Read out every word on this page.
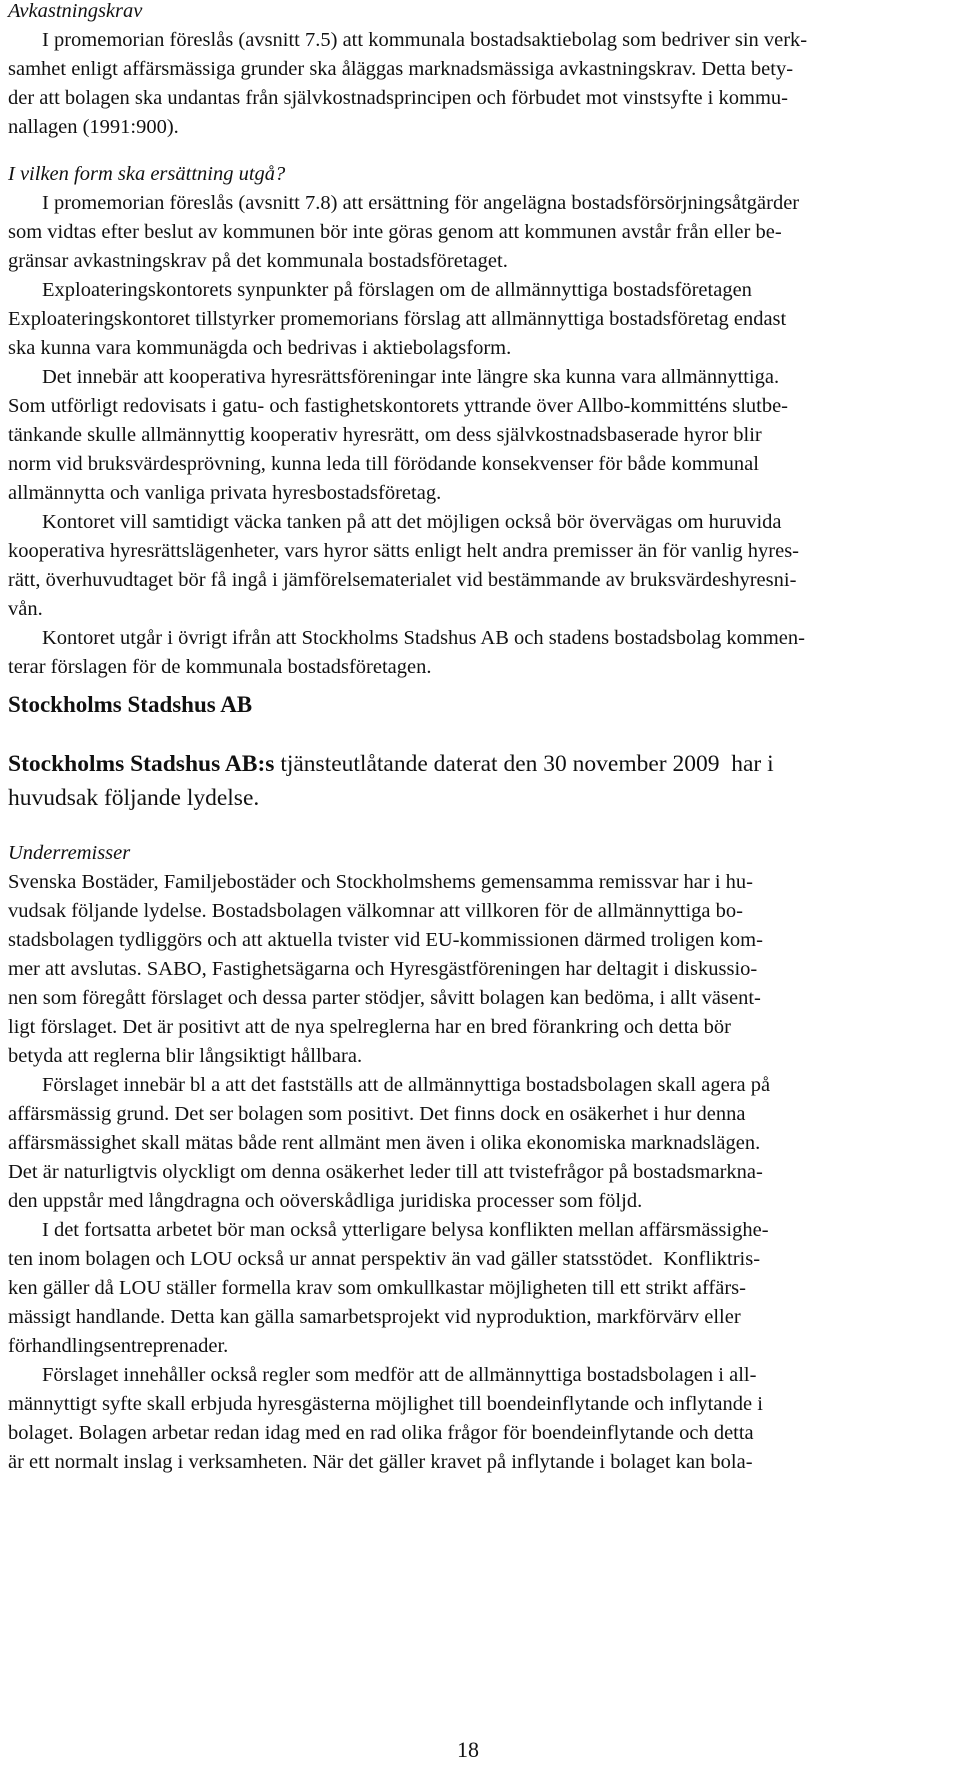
Avkastningskrav
I promemorian föreslås (avsnitt 7.5) att kommunala bostadsaktiebolag som bedriver sin verk-
samhet enligt affärsmässiga grunder ska åläggas marknadsmässiga avkastningskrav. Detta bety-
der att bolagen ska undantas från självkostnadsprincipen och förbudet mot vinstsyfte i kommu-
nallagen (1991:900).
I vilken form ska ersättning utgå?
I promemorian föreslås (avsnitt 7.8) att ersättning för angelägna bostadsförsörjningsåtgärder
som vidtas efter beslut av kommunen bör inte göras genom att kommunen avstår från eller be-
gränsar avkastningskrav på det kommunala bostadsföretaget.
Exploateringskontorets synpunkter på förslagen om de allmännyttiga bostadsföretagen
Exploateringskontoret tillstyrker promemorians förslag att allmännyttiga bostadsföretag endast
ska kunna vara kommunägda och bedrivas i aktiebolagsform.
Det innebär att kooperativa hyresrättsföreningar inte längre ska kunna vara allmännyttiga.
Som utförligt redovisats i gatu- och fastighetskontorets yttrande över Allbo-kommitténs slutbe-
tänkande skulle allmännyttig kooperativ hyresrätt, om dess självkostnadsbaserade hyror blir
norm vid bruksvärdesprövning, kunna leda till förödande konsekvenser för både kommunal
allmännytta och vanliga privata hyresbostadsföretag.
Kontoret vill samtidigt väcka tanken på att det möjligen också bör övervägas om huruvida
kooperativa hyresrättslägenheter, vars hyror sätts enligt helt andra premisser än för vanlig hyres-
rätt, överhuvudtaget bör få ingå i jämförelsematerialet vid bestämmande av bruksvärdeshyresni-
vån.
Kontoret utgår i övrigt ifrån att Stockholms Stadshus AB och stadens bostadsbolag kommen-
terar förslagen för de kommunala bostadsföretagen.
Stockholms Stadshus AB
Stockholms Stadshus AB:s tjänsteutlåtande daterat den 30 november 2009  har i
huvudsak följande lydelse.
Underremisser
Svenska Bostäder, Familjebostäder och Stockholmshems gemensamma remissvar har i hu-
vudsak följande lydelse. Bostadsbolagen välkomnar att villkoren för de allmännyttiga bo-
stadsbolagen tydliggörs och att aktuella tvister vid EU-kommissionen därmed troligen kom-
mer att avslutas. SABO, Fastighetsägarna och Hyresgästföreningen har deltagit i diskussio-
nen som föregått förslaget och dessa parter stödjer, såvitt bolagen kan bedöma, i allt väsent-
ligt förslaget. Det är positivt att de nya spelreglerna har en bred förankring och detta bör
betyda att reglerna blir långsiktigt hållbara.
Förslaget innebär bl a att det fastställs att de allmännyttiga bostadsbolagen skall agera på
affärsmässig grund. Det ser bolagen som positivt. Det finns dock en osäkerhet i hur denna
affärsmässighet skall mätas både rent allmänt men även i olika ekonomiska marknadslägen.
Det är naturligtvis olyckligt om denna osäkerhet leder till att tvistefrågor på bostadsmarkna-
den uppstår med långdragna och oöverskådliga juridiska processer som följd.
I det fortsatta arbetet bör man också ytterligare belysa konflikten mellan affärsmässighe-
ten inom bolagen och LOU också ur annat perspektiv än vad gäller statsstödet.  Konfliktris-
ken gäller då LOU ställer formella krav som omkullkastar möjligheten till ett strikt affärs-
mässigt handlande. Detta kan gälla samarbetsprojekt vid nyproduktion, markförvärv eller
förhandlingsentreprenader.
Förslaget innehåller också regler som medför att de allmännyttiga bostadsbolagen i all-
männyttigt syfte skall erbjuda hyresgästerna möjlighet till boendeinflytande och inflytande i
bolaget. Bolagen arbetar redan idag med en rad olika frågor för boendeinflytande och detta
är ett normalt inslag i verksamheten. När det gäller kravet på inflytande i bolaget kan bola-
18
